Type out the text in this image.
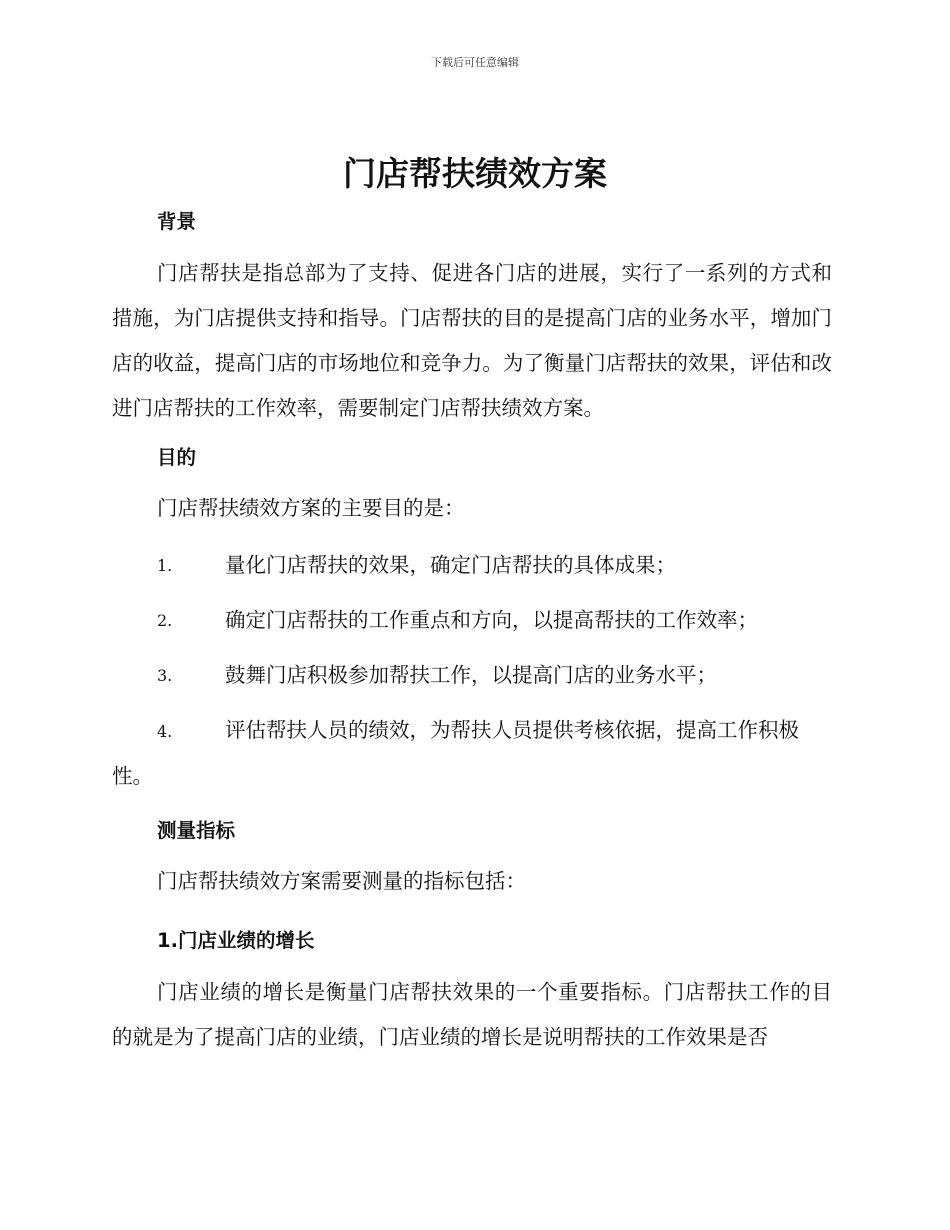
下载后可任意编辑
门店帮扶绩效方案
背景

门店帮扶是指总部为了支持、促进各门店的进展，实行了一系列的方式和措施，为门店提供支持和指导。门店帮扶的目的是提高门店的业务水平，增加门店的收益，提高门店的市场地位和竞争力。为了衡量门店帮扶的效果，评估和改进门店帮扶的工作效率，需要制定门店帮扶绩效方案。

目的
门店帮扶绩效方案的主要目的是：
1.	量化门店帮扶的效果，确定门店帮扶的具体成果；
2.	确定门店帮扶的工作重点和方向，以提高帮扶的工作效率；
3.	鼓舞门店积极参加帮扶工作，以提高门店的业务水平；
4.	评估帮扶人员的绩效，为帮扶人员提供考核依据，提高工作积极性。
测量指标
门店帮扶绩效方案需要测量的指标包括：
1.门店业绩的增长

门店业绩的增长是衡量门店帮扶效果的一个重要指标。门店帮扶工作的目的就是为了提高门店的业绩，门店业绩的增长是说明帮扶的工作效果是否
